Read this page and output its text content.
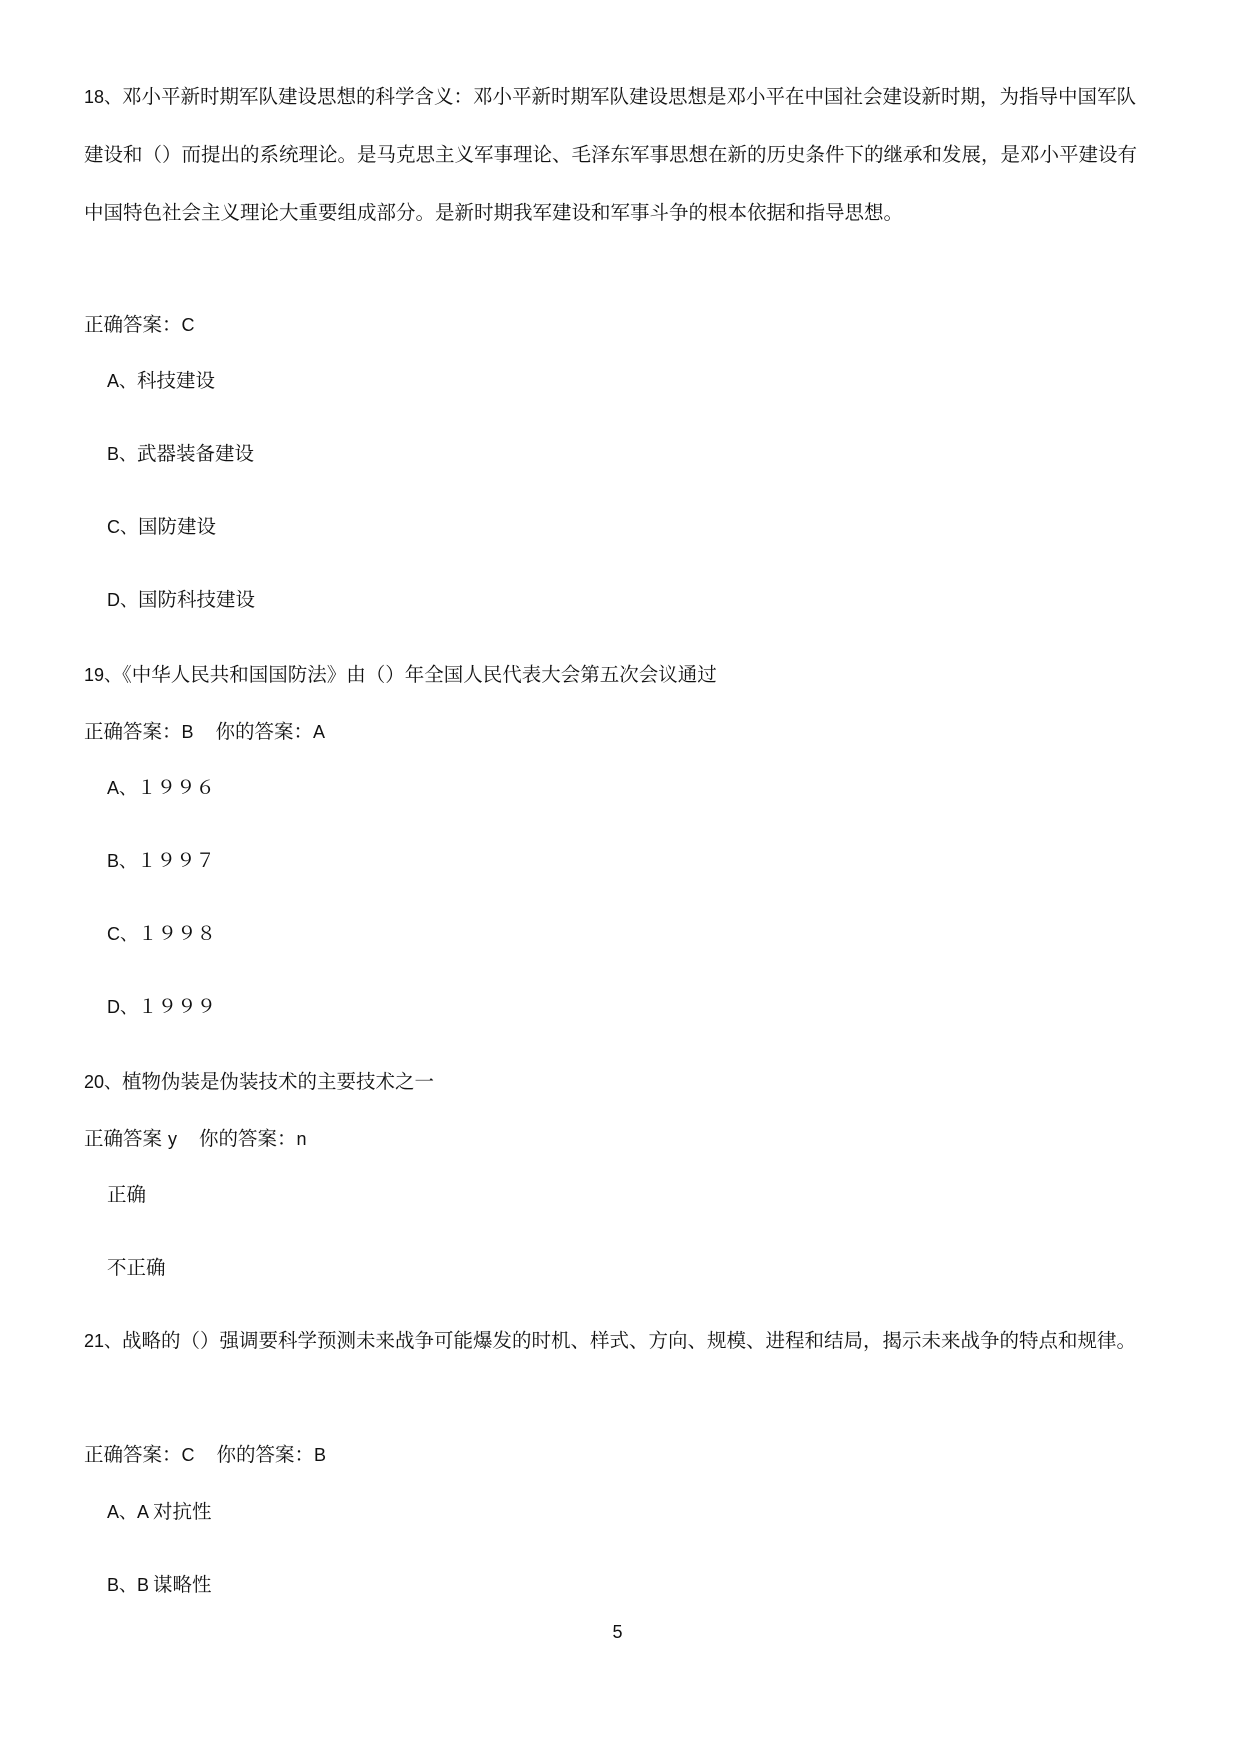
18、邓小平新时期军队建设思想的科学含义：邓小平新时期军队建设思想是邓小平在中国社会建设新时期，为指导中国军队建设和（）而提出的系统理论。是马克思主义军事理论、毛泽东军事思想在新的历史条件下的继承和发展，是邓小平建设有中国特色社会主义理论大重要组成部分。是新时期我军建设和军事斗争的根本依据和指导思想。

正确答案：C

A、科技建设

B、武器装备建设

C、国防建设

D、国防科技建设

19、《中华人民共和国国防法》由（）年全国人民代表大会第五次会议通过

正确答案：B 你的答案：A

A、１９９６

B、１９９７

C、１９９８

D、１９９９

20、植物伪装是伪装技术的主要技术之一

正确答案 y 你的答案：n

正确

不正确

21、战略的（）强调要科学预测未来战争可能爆发的时机、样式、方向、规模、进程和结局，揭示未来战争的特点和规律。

正确答案：C 你的答案：B

A、A 对抗性

B、B 谋略性

5
